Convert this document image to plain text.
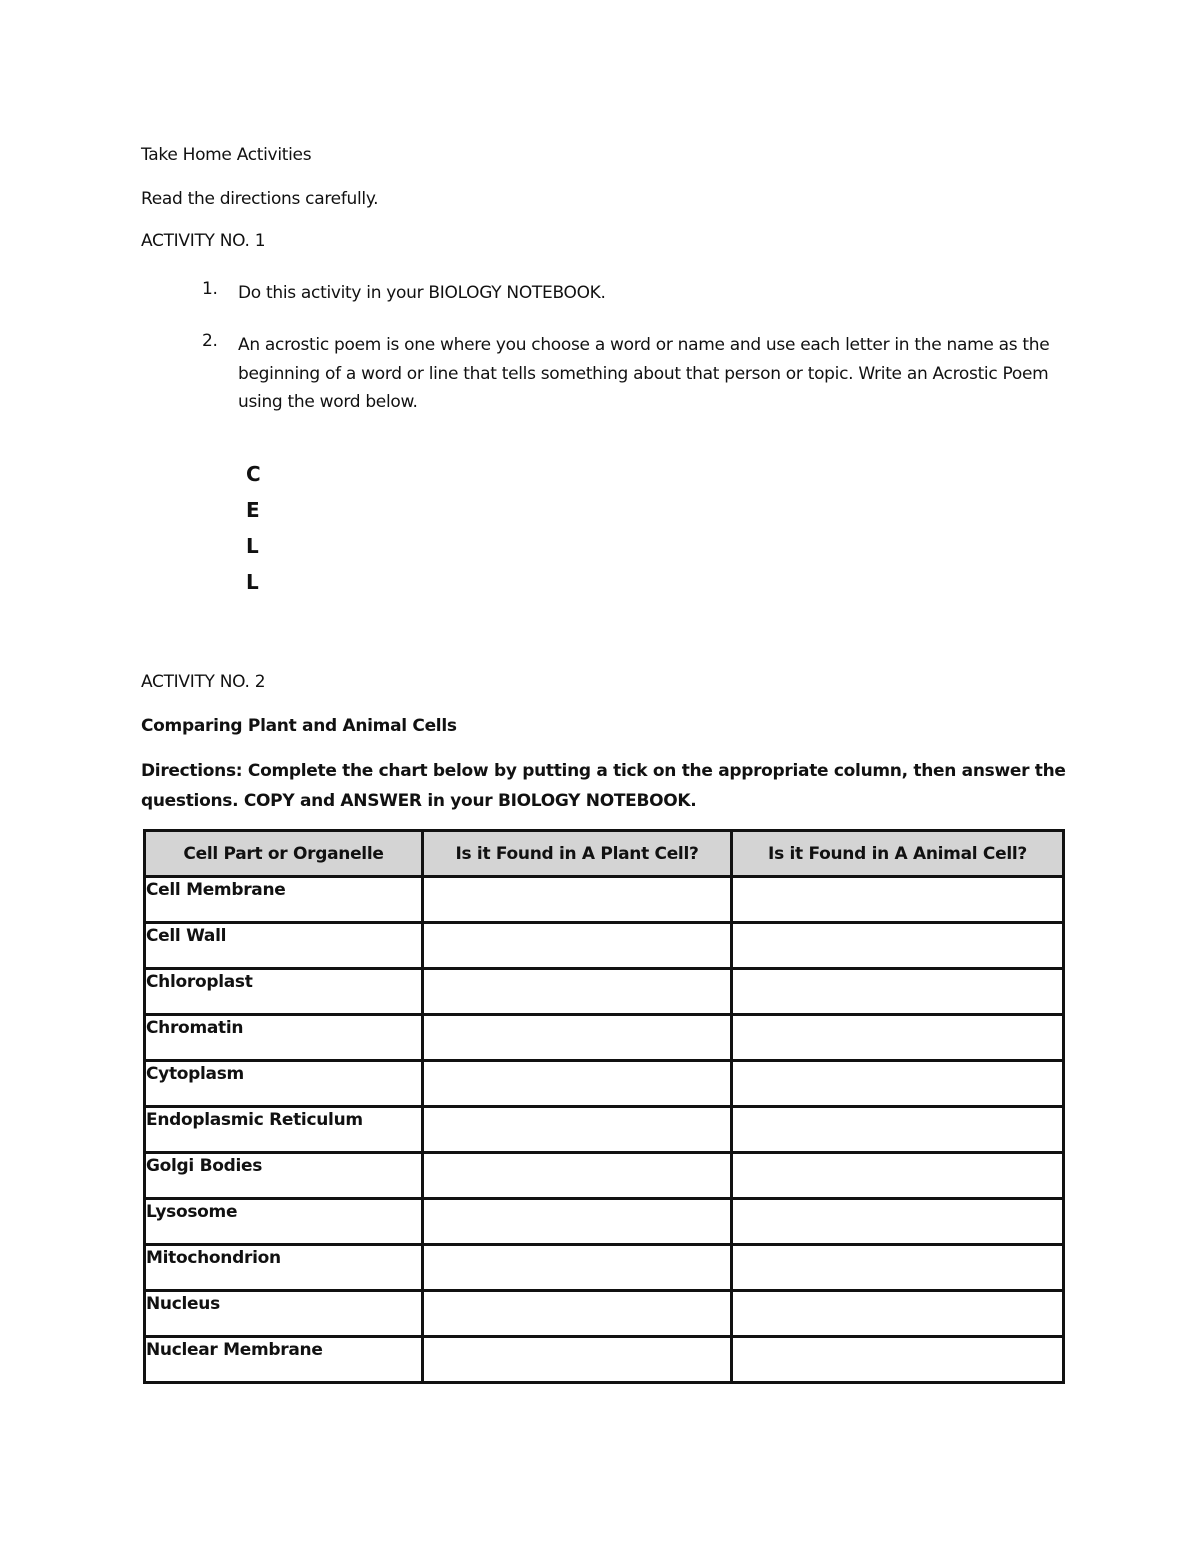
Take Home Activities
Read the directions carefully.
ACTIVITY NO. 1
1. Do this activity in your BIOLOGY NOTEBOOK.
2. An acrostic poem is one where you choose a word or name and use each letter in the name as the beginning of a word or line that tells something about that person or topic. Write an Acrostic Poem using the word below.
C
E
L
L
ACTIVITY NO. 2
Comparing Plant and Animal Cells
Directions: Complete the chart below by putting a tick on the appropriate column, then answer the questions. COPY and ANSWER in your BIOLOGY NOTEBOOK.
Cell Part or Organelle	Is it Found in A Plant Cell?	Is it Found in A Animal Cell?
Cell Membrane		
Cell Wall		
Chloroplast		
Chromatin		
Cytoplasm		
Endoplasmic Reticulum		
Golgi Bodies		
Lysosome		
Mitochondrion		
Nucleus		
Nuclear Membrane		
